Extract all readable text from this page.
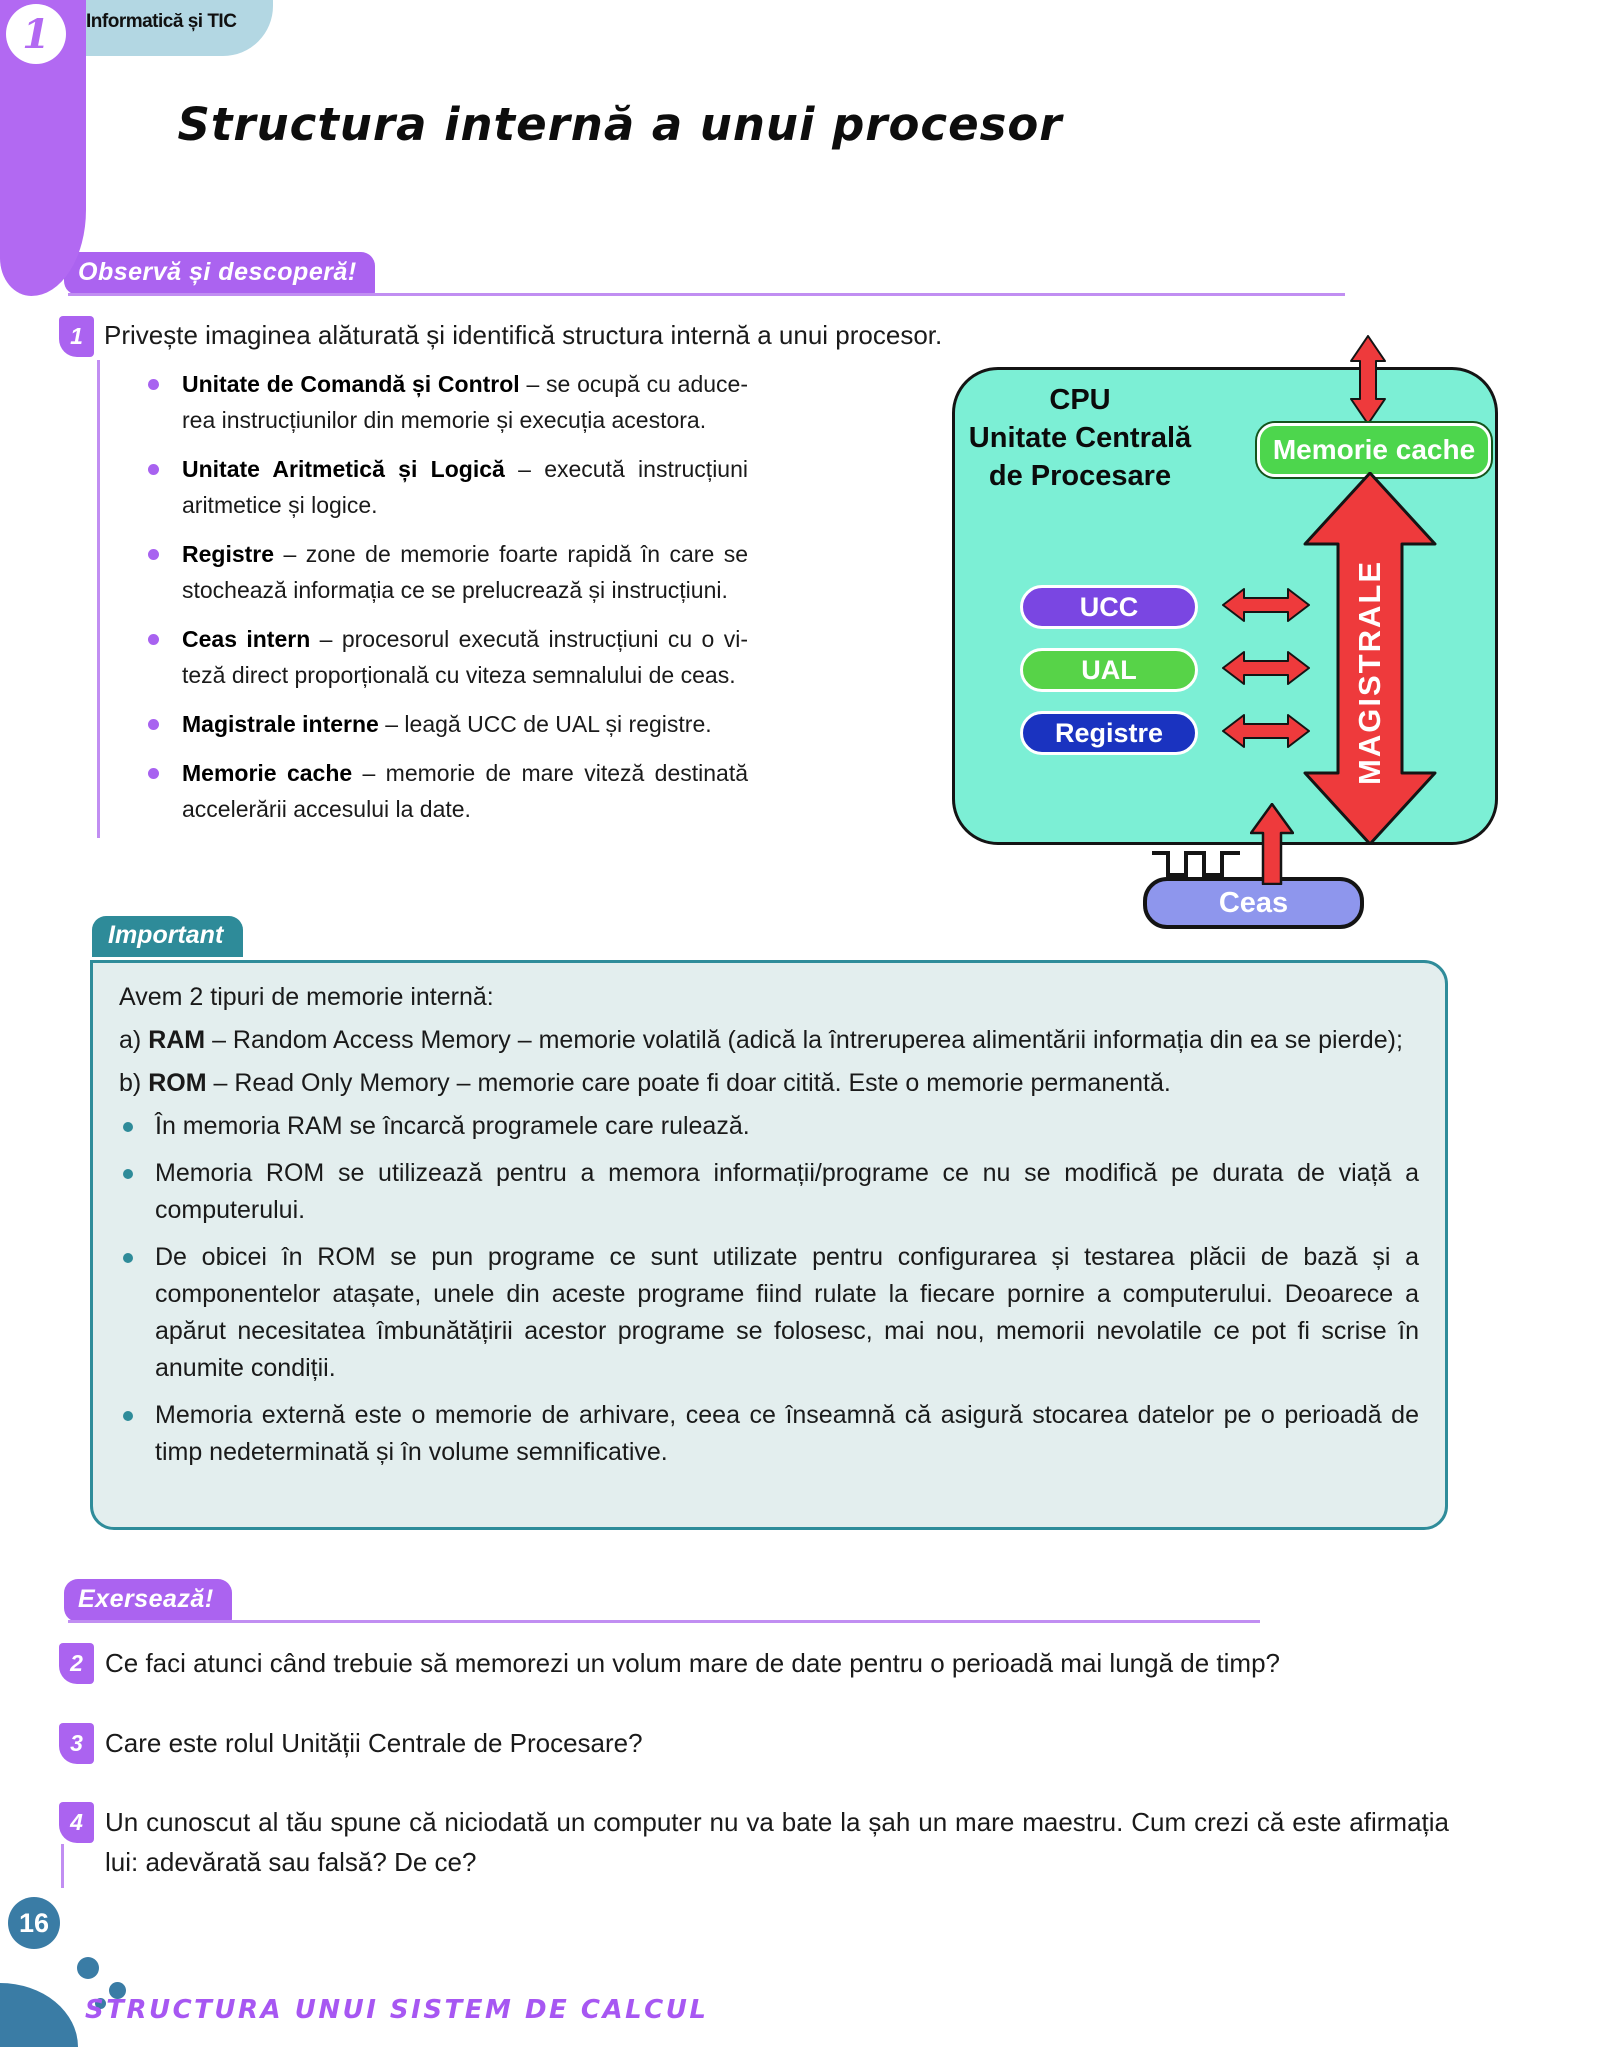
Informatică și TIC
1
Structura internă a unui procesor
Observă și descoperă!
1 Privește imaginea alăturată și identifică structura internă a unui procesor.

Unitate de Comandă și Control – se ocupă cu aducerea instrucțiunilor din memorie și execuția acestora.
Unitate Aritmetică și Logică – execută instrucțiuni aritmetice și logice.
Registre – zone de memorie foarte rapidă în care se stochează informația ce se prelucrează și instrucțiuni.
Ceas intern – procesorul execută instrucțiuni cu o viteză direct proporțională cu viteza semnalului de ceas.
Magistrale interne – leagă UCC de UAL și registre.
Memorie cache – memorie de mare viteză destinată accelerării accesului la date.
CPU
Unitate Centrală
de Procesare
Memorie cache
MAGISTRALE
UCC
UAL
Registre
Ceas
Important

Avem 2 tipuri de memorie internă:

a) RAM – Random Access Memory – memorie volatilă (adică la întreruperea alimentării informația din ea se pierde);

b) ROM – Read Only Memory – memorie care poate fi doar citită. Este o memorie permanentă.

În memoria RAM se încarcă programele care rulează.
Memoria ROM se utilizează pentru a memora informații/programe ce nu se modifică pe durata de viață a computerului.
De obicei în ROM se pun programe ce sunt utilizate pentru configurarea și testarea plăcii de bază și a componentelor atașate, unele din aceste programe fiind rulate la fiecare pornire a computerului. Deoarece a apărut necesitatea îmbunătățirii acestor programe se folosesc, mai nou, memorii nevolatile ce pot fi scrise în anumite condiții.
Memoria externă este o memorie de arhivare, ceea ce înseamnă că asigură stocarea datelor pe o perioadă de timp nedeterminată și în volume semnificative.
Exersează!
2 Ce faci atunci când trebuie să memorezi un volum mare de date pentru o perioadă mai lungă de timp?

3 Care este rolul Unității Centrale de Procesare?

4 Un cunoscut al tău spune că niciodată un computer nu va bate la șah un mare maestru. Cum crezi că este afirmația lui: adevărată sau falsă? De ce?

16

STRUCTURA UNUI SISTEM DE CALCUL
